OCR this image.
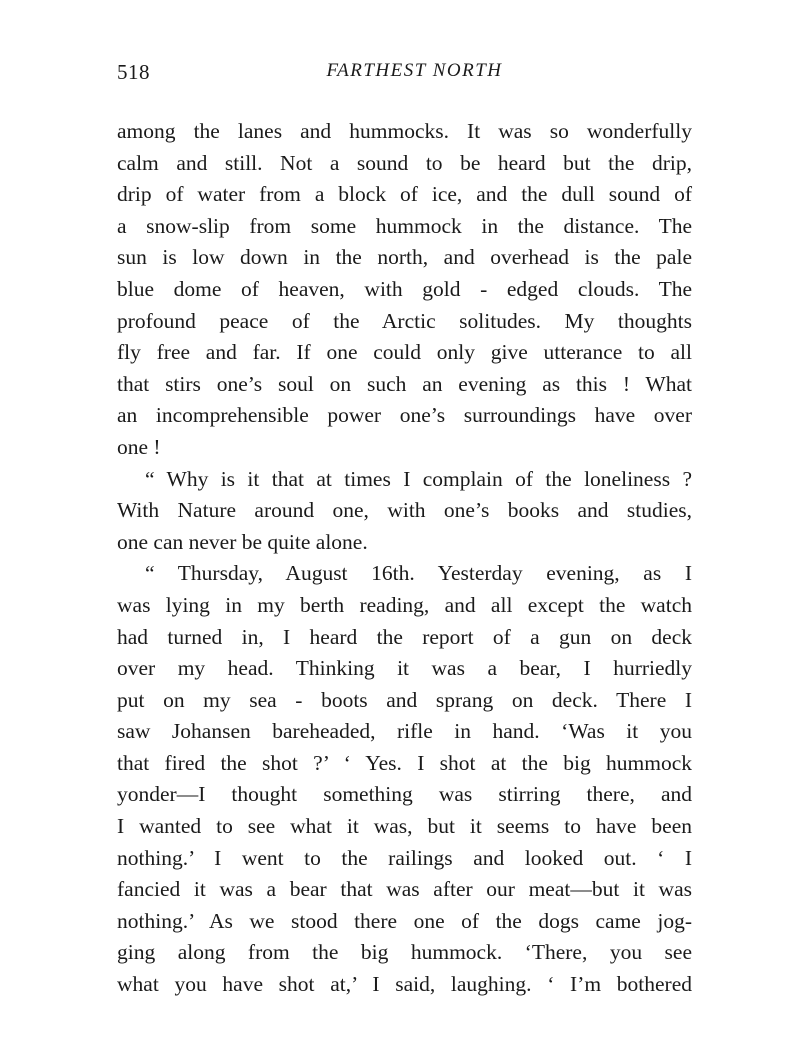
518	FARTHEST NORTH
among the lanes and hummocks. It was so wonderfully
calm and still. Not a sound to be heard but the drip,
drip of water from a block of ice, and the dull sound of
a snow-slip from some hummock in the distance. The
sun is low down in the north, and overhead is the pale
blue dome of heaven, with gold - edged clouds. The
profound peace of the Arctic solitudes. My thoughts
fly free and far. If one could only give utterance to all
that stirs one’s soul on such an evening as this ! What
an incomprehensible power one’s surroundings have over
one !
“ Why is it that at times I complain of the loneliness ?
With Nature around one, with one’s books and studies,
one can never be quite alone.
“ Thursday, August 16th. Yesterday evening, as I
was lying in my berth reading, and all except the watch
had turned in, I heard the report of a gun on deck
over my head. Thinking it was a bear, I hurriedly
put on my sea - boots and sprang on deck. There I
saw Johansen bareheaded, rifle in hand. ‘Was it you
that fired the shot ?’ ‘ Yes. I shot at the big hummock
yonder—I thought something was stirring there, and
I wanted to see what it was, but it seems to have been
nothing.’ I went to the railings and looked out. ‘ I
fancied it was a bear that was after our meat—but it was
nothing.’ As we stood there one of the dogs came jog-
ging along from the big hummock. ‘There, you see
what you have shot at,’ I said, laughing. ‘ I’m bothered
